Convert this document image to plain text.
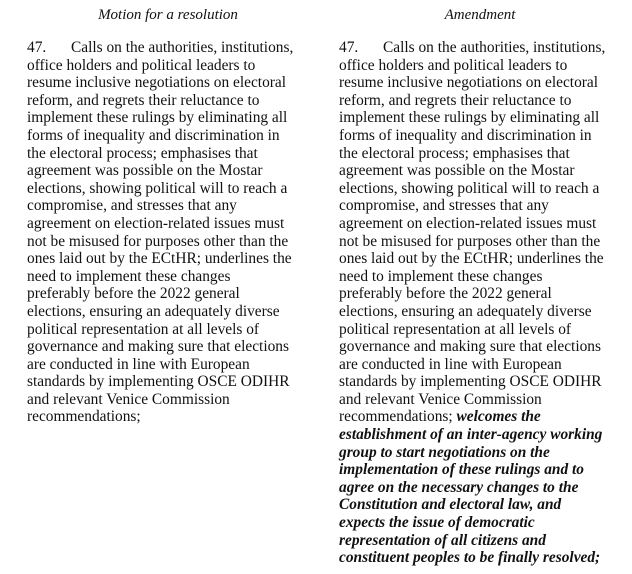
Motion for a resolution
47. Calls on the authorities, institutions,
office holders and political leaders to
resume inclusive negotiations on electoral
reform, and regrets their reluctance to
implement these rulings by eliminating all
forms of inequality and discrimination in
the electoral process; emphasises that
agreement was possible on the Mostar
elections, showing political will to reach a
compromise, and stresses that any
agreement on election-related issues must
not be misused for purposes other than the
ones laid out by the ECtHR; underlines the
need to implement these changes
preferably before the 2022 general
elections, ensuring an adequately diverse
political representation at all levels of
governance and making sure that elections
are conducted in line with European
standards by implementing OSCE ODIHR
and relevant Venice Commission
recommendations;
Amendment
47. Calls on the authorities, institutions,
office holders and political leaders to
resume inclusive negotiations on electoral
reform, and regrets their reluctance to
implement these rulings by eliminating all
forms of inequality and discrimination in
the electoral process; emphasises that
agreement was possible on the Mostar
elections, showing political will to reach a
compromise, and stresses that any
agreement on election-related issues must
not be misused for purposes other than the
ones laid out by the ECtHR; underlines the
need to implement these changes
preferably before the 2022 general
elections, ensuring an adequately diverse
political representation at all levels of
governance and making sure that elections
are conducted in line with European
standards by implementing OSCE ODIHR
and relevant Venice Commission
recommendations; welcomes the
establishment of an inter-agency working
group to start negotiations on the
implementation of these rulings and to
agree on the necessary changes to the
Constitution and electoral law, and
expects the issue of democratic
representation of all citizens and
constituent peoples to be finally resolved;
